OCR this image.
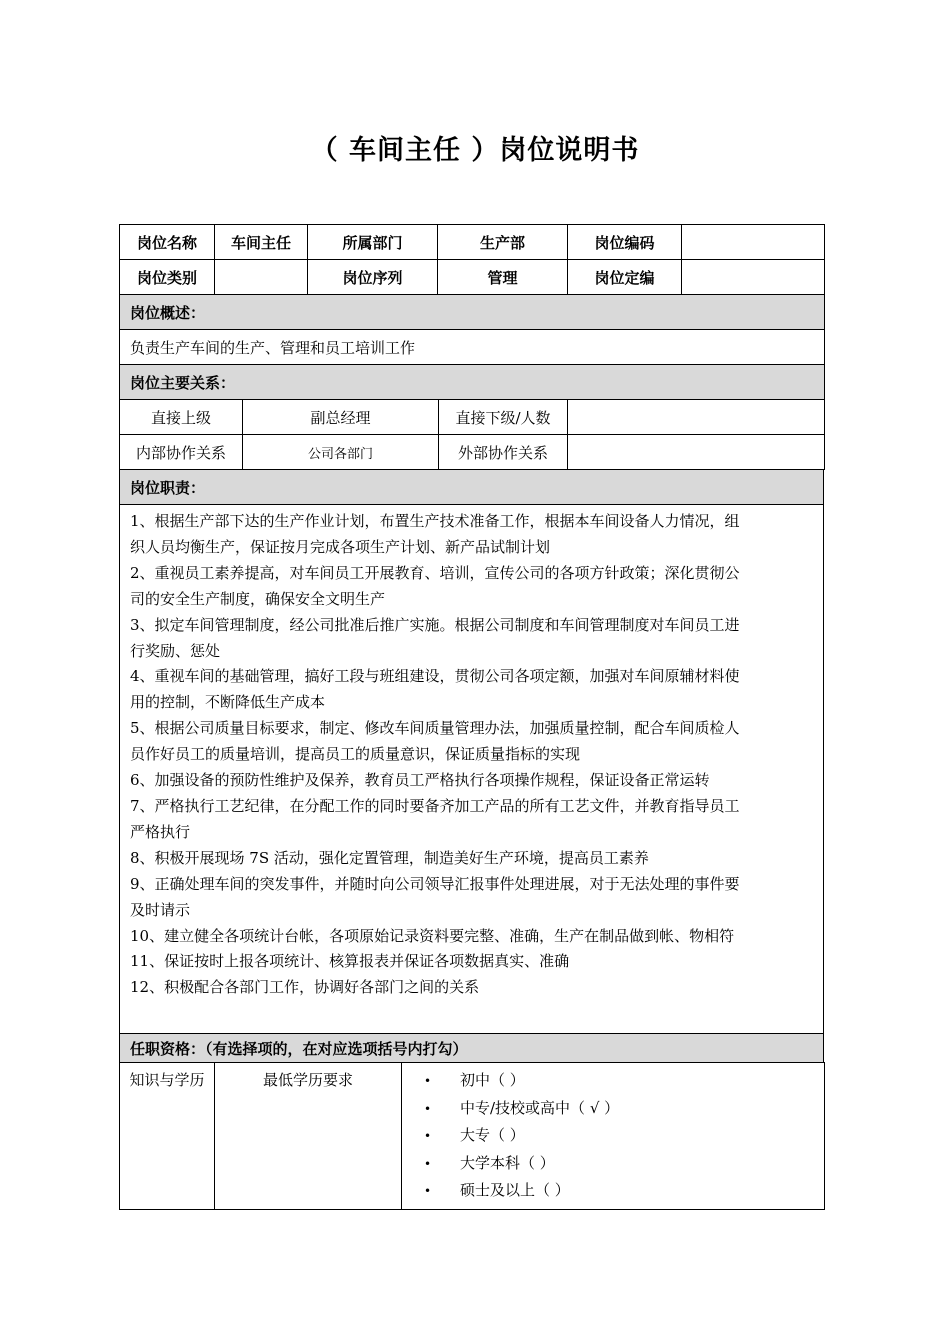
（ 车间主任 ）岗位说明书
岗位名称	车间主任	所属部门	生产部	岗位编码	
岗位类别		岗位序列	管理	岗位定编	
岗位概述：					
负责生产车间的生产、管理和员工培训工作					
岗位主要关系：					
直接上级	副总经理	直接下级/人数	
内部协作关系	公司各部门	外部协作关系	
岗位职责：

1、根据生产部下达的生产作业计划，布置生产技术准备工作，根据本车间设备人力情况，组
织人员均衡生产，保证按月完成各项生产计划、新产品试制计划
2、重视员工素养提高，对车间员工开展教育、培训，宣传公司的各项方针政策；深化贯彻公
司的安全生产制度，确保安全文明生产
3、拟定车间管理制度，经公司批准后推广实施。根据公司制度和车间管理制度对车间员工进
行奖励、惩处
4、重视车间的基础管理，搞好工段与班组建设，贯彻公司各项定额，加强对车间原辅材料使
用的控制，不断降低生产成本
5、根据公司质量目标要求，制定、修改车间质量管理办法，加强质量控制，配合车间质检人
员作好员工的质量培训，提高员工的质量意识，保证质量指标的实现
6、加强设备的预防性维护及保养，教育员工严格执行各项操作规程，保证设备正常运转
7、严格执行工艺纪律，在分配工作的同时要备齐加工产品的所有工艺文件，并教育指导员工
严格执行
8、积极开展现场 7S 活动，强化定置管理，制造美好生产环境，提高员工素养
9、正确处理车间的突发事件，并随时向公司领导汇报事件处理进展，对于无法处理的事件要
及时请示
10、建立健全各项统计台帐，各项原始记录资料要完整、准确，生产在制品做到帐、物相符
11、保证按时上报各项统计、核算报表并保证各项数据真实、准确
12、积极配合各部门工作，协调好各部门之间的关系

任职资格：（有选择项的，在对应选项括号内打勾）
知识与学历	最低学历要求	• 初中（ ）
• 中专/技校或高中（ √ ）
• 大专（ ）
• 大学本科（ ）
• 硕士及以上（ ）
